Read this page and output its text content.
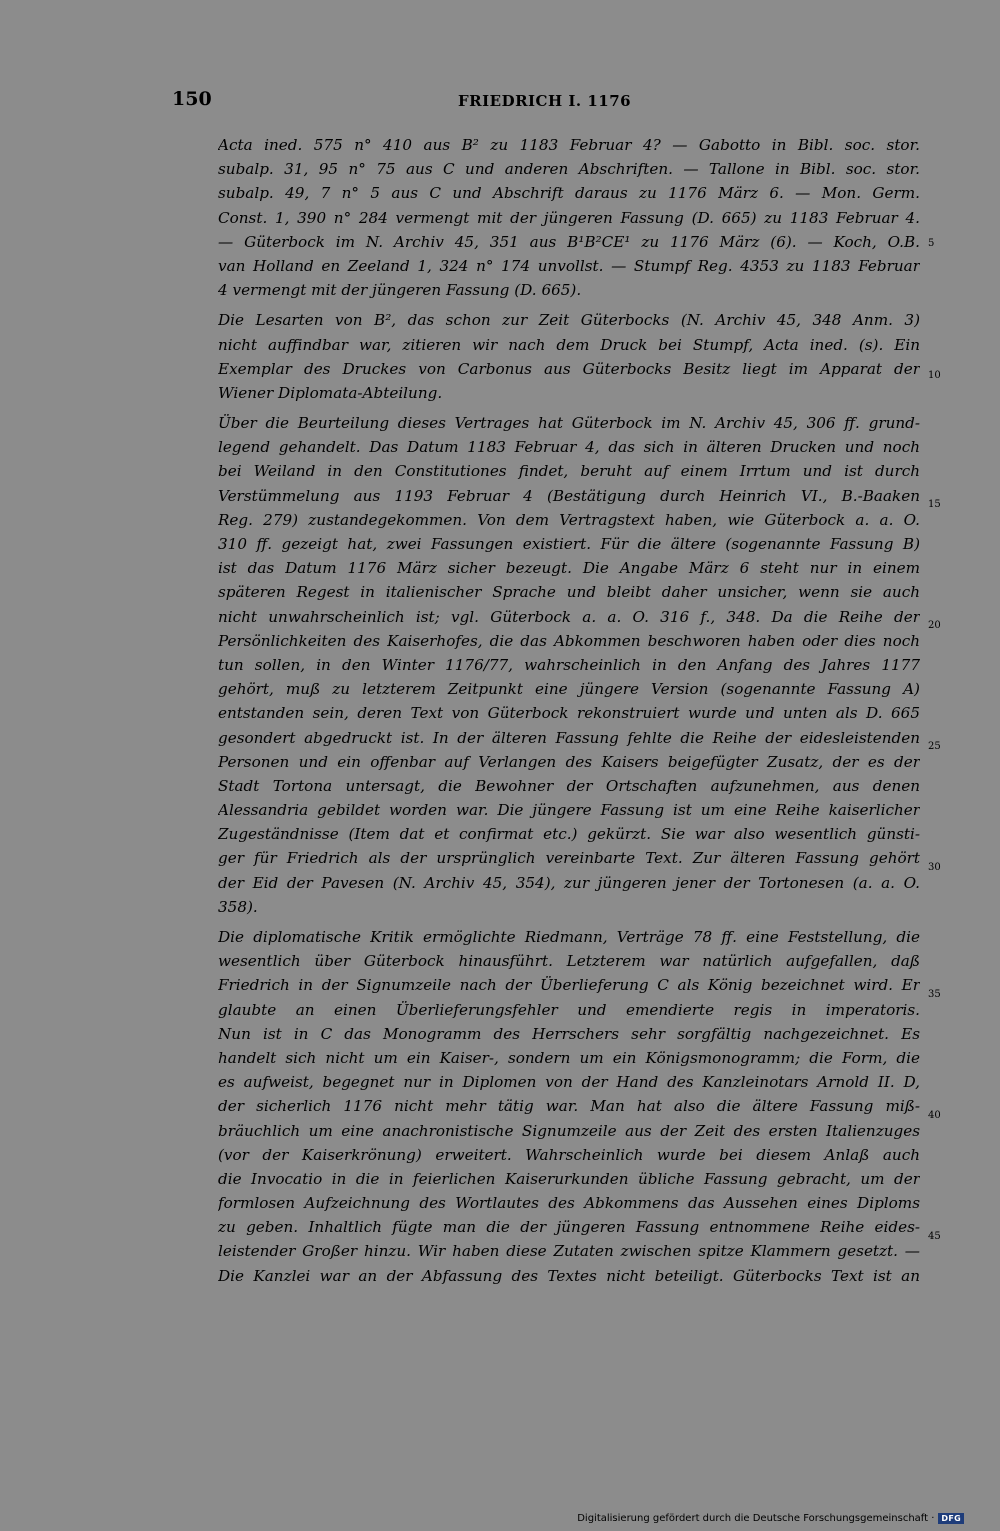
150	FRIEDRICH I. 1176
Acta ined. 575 n° 410 aus B² zu 1183 Februar 4? — Gabotto in Bibl. soc. stor.
subalp. 31, 95 n° 75 aus C und anderen Abschriften. — Tallone in Bibl. soc. stor.
subalp. 49, 7 n° 5 aus C und Abschrift daraus zu 1176 März 6. — Mon. Germ.
Const. 1, 390 n° 284 vermengt mit der jüngeren Fassung (D. 665) zu 1183 Februar 4.
— Güterbock im N. Archiv 45, 351 aus B¹B²CE¹ zu 1176 März (6). — Koch, O.B.
van Holland en Zeeland 1, 324 n° 174 unvollst. — Stumpf Reg. 4353 zu 1183 Februar
4 vermengt mit der jüngeren Fassung (D. 665).
Die Lesarten von B², das schon zur Zeit Güterbocks (N. Archiv 45, 348 Anm. 3)
nicht auffindbar war, zitieren wir nach dem Druck bei Stumpf, Acta ined. (s). Ein
Exemplar des Druckes von Carbonus aus Güterbocks Besitz liegt im Apparat der
Wiener Diplomata-Abteilung.
Über die Beurteilung dieses Vertrages hat Güterbock im N. Archiv 45, 306 ff. grund-
legend gehandelt. Das Datum 1183 Februar 4, das sich in älteren Drucken und noch
bei Weiland in den Constitutiones findet, beruht auf einem Irrtum und ist durch
Verstümmelung aus 1193 Februar 4 (Bestätigung durch Heinrich VI., B.-Baaken
Reg. 279) zustandegekommen. Von dem Vertragstext haben, wie Güterbock a. a. O.
310 ff. gezeigt hat, zwei Fassungen existiert. Für die ältere (sogenannte Fassung B)
ist das Datum 1176 März sicher bezeugt. Die Angabe März 6 steht nur in einem
späteren Regest in italienischer Sprache und bleibt daher unsicher, wenn sie auch
nicht unwahrscheinlich ist; vgl. Güterbock a. a. O. 316 f., 348. Da die Reihe der
Persönlichkeiten des Kaiserhofes, die das Abkommen beschworen haben oder dies noch
tun sollen, in den Winter 1176/77, wahrscheinlich in den Anfang des Jahres 1177
gehört, muß zu letzterem Zeitpunkt eine jüngere Version (sogenannte Fassung A)
entstanden sein, deren Text von Güterbock rekonstruiert wurde und unten als D. 665
gesondert abgedruckt ist. In der älteren Fassung fehlte die Reihe der eidesleistenden
Personen und ein offenbar auf Verlangen des Kaisers beigefügter Zusatz, der es der
Stadt Tortona untersagt, die Bewohner der Ortschaften aufzunehmen, aus denen
Alessandria gebildet worden war. Die jüngere Fassung ist um eine Reihe kaiserlicher
Zugeständnisse (Item dat et confirmat etc.) gekürzt. Sie war also wesentlich günsti-
ger für Friedrich als der ursprünglich vereinbarte Text. Zur älteren Fassung gehört
der Eid der Pavesen (N. Archiv 45, 354), zur jüngeren jener der Tortonesen (a. a. O.
358).
Die diplomatische Kritik ermöglichte Riedmann, Verträge 78 ff. eine Feststellung, die
wesentlich über Güterbock hinausführt. Letzterem war natürlich aufgefallen, daß
Friedrich in der Signumzeile nach der Überlieferung C als König bezeichnet wird. Er
glaubte an einen Überlieferungsfehler und emendierte regis in imperatoris.
Nun ist in C das Monogramm des Herrschers sehr sorgfältig nachgezeichnet. Es
handelt sich nicht um ein Kaiser-, sondern um ein Königsmonogramm; die Form, die
es aufweist, begegnet nur in Diplomen von der Hand des Kanzleinotars Arnold II. D,
der sicherlich 1176 nicht mehr tätig war. Man hat also die ältere Fassung miß-
bräuchlich um eine anachronistische Signumzeile aus der Zeit des ersten Italienzuges
(vor der Kaiserkrönung) erweitert. Wahrscheinlich wurde bei diesem Anlaß auch
die Invocatio in die in feierlichen Kaiserurkunden übliche Fassung gebracht, um der
formlosen Aufzeichnung des Wortlautes des Abkommens das Aussehen eines Diploms
zu geben. Inhaltlich fügte man die der jüngeren Fassung entnommene Reihe eides-
leistender Großer hinzu. Wir haben diese Zutaten zwischen spitze Klammern gesetzt. —
Die Kanzlei war an der Abfassung des Textes nicht beteiligt. Güterbocks Text ist an
5
10
15
20
25
30
35
40
45
Digitalisierung gefördert durch die Deutsche Forschungsgemeinschaft · DFG
